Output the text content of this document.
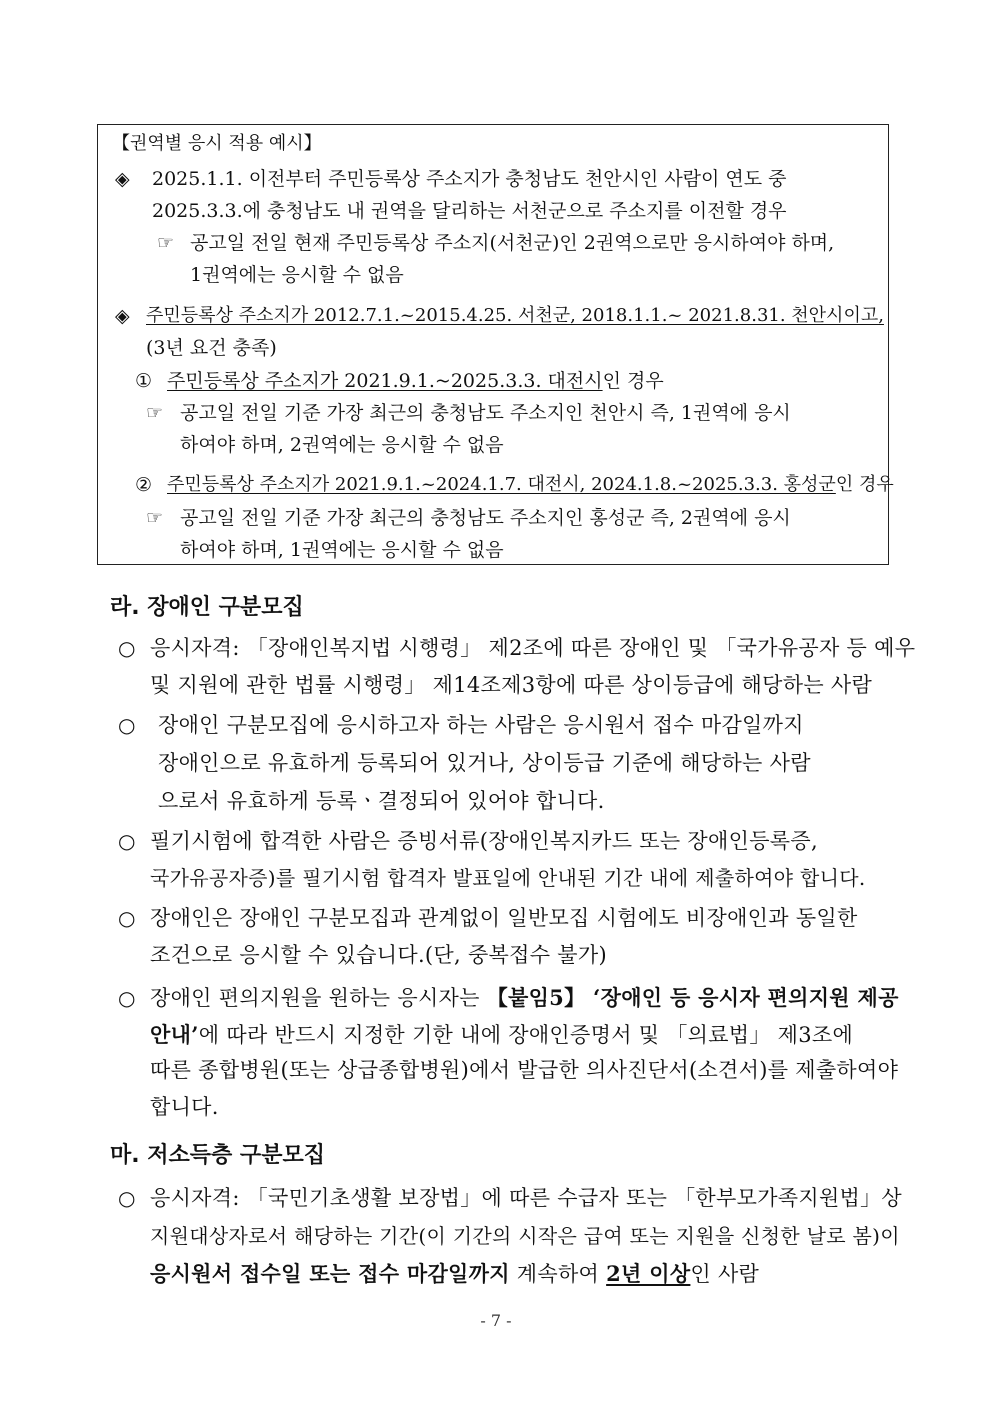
【권역별 응시 적용 예시】
◈ 2025.1.1. 이전부터 주민등록상 주소지가 충청남도 천안시인 사람이 연도 중
2025.3.3.에 충청남도 내 권역을 달리하는 서천군으로 주소지를 이전할 경우
☞ 공고일 전일 현재 주민등록상 주소지(서천군)인 2권역으로만 응시하여야 하며,
1권역에는 응시할 수 없음
◈ 주민등록상 주소지가 2012.7.1.~2015.4.25. 서천군, 2018.1.1.~ 2021.8.31. 천안시이고,
(3년 요건 충족)
① 주민등록상 주소지가 2021.9.1.~2025.3.3. 대전시인 경우
☞ 공고일 전일 기준 가장 최근의 충청남도 주소지인 천안시 즉, 1권역에 응시
하여야 하며, 2권역에는 응시할 수 없음
② 주민등록상 주소지가 2021.9.1.~2024.1.7. 대전시, 2024.1.8.~2025.3.3. 홍성군인 경우
☞ 공고일 전일 기준 가장 최근의 충청남도 주소지인 홍성군 즉, 2권역에 응시
하여야 하며, 1권역에는 응시할 수 없음
라. 장애인 구분모집
○ 응시자격: 「장애인복지법 시행령」 제2조에 따른 장애인 및 「국가유공자 등 예우
및 지원에 관한 법률 시행령」 제14조제3항에 따른 상이등급에 해당하는 사람
○ 장애인 구분모집에 응시하고자 하는 사람은 응시원서 접수 마감일까지
장애인으로 유효하게 등록되어 있거나, 상이등급 기준에 해당하는 사람
으로서 유효하게 등록ㆍ결정되어 있어야 합니다.
○ 필기시험에 합격한 사람은 증빙서류(장애인복지카드 또는 장애인등록증,
국가유공자증)를 필기시험 합격자 발표일에 안내된 기간 내에 제출하여야 합니다.
○ 장애인은 장애인 구분모집과 관계없이 일반모집 시험에도 비장애인과 동일한
조건으로 응시할 수 있습니다.(단, 중복접수 불가)
○ 장애인 편의지원을 원하는 응시자는 【붙임5】 ‘장애인 등 응시자 편의지원 제공
안내’에 따라 반드시 지정한 기한 내에 장애인증명서 및 「의료법」 제3조에
따른 종합병원(또는 상급종합병원)에서 발급한 의사진단서(소견서)를 제출하여야
합니다.
마. 저소득층 구분모집
○ 응시자격: 「국민기초생활 보장법」에 따른 수급자 또는 「한부모가족지원법」상
지원대상자로서 해당하는 기간(이 기간의 시작은 급여 또는 지원을 신청한 날로 봄)이
응시원서 접수일 또는 접수 마감일까지 계속하여 2년 이상인 사람
- 7 -
